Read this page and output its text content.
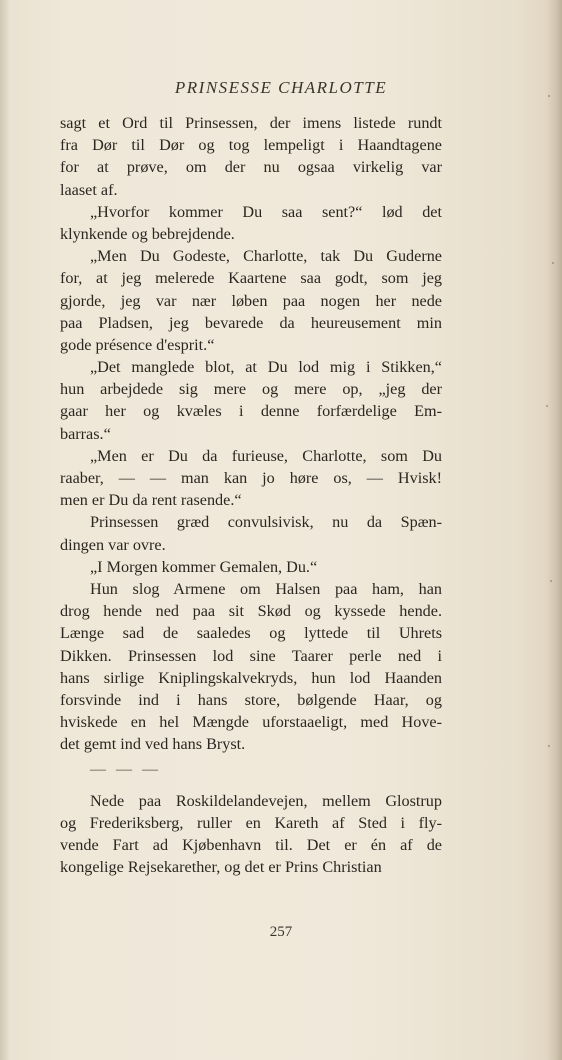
PRINSESSE CHARLOTTE

sagt et Ord til Prinsessen, der imens listede rundt
fra Dør til Dør og tog lempeligt i Haandtagene
for at prøve, om der nu ogsaa virkelig var
laaset af.

„Hvorfor kommer Du saa sent?“ lød det
klynkende og bebrejdende.

„Men Du Godeste, Charlotte, tak Du Guderne
for, at jeg melerede Kaartene saa godt, som jeg
gjorde, jeg var nær løben paa nogen her nede
paa Pladsen, jeg bevarede da heureusement min
gode présence d'esprit.“

„Det manglede blot, at Du lod mig i Stikken,“
hun arbejdede sig mere og mere op, „jeg der
gaar her og kvæles i denne forfærdelige Em-
barras.“

„Men er Du da furieuse, Charlotte, som Du
raaber, — — man kan jo høre os, — Hvisk!
men er Du da rent rasende.“

Prinsessen græd convulsivisk, nu da Spæn-
dingen var ovre.

„I Morgen kommer Gemalen, Du.“

Hun slog Armene om Halsen paa ham, han
drog hende ned paa sit Skød og kyssede hende.
Længe sad de saaledes og lyttede til Uhrets
Dikken. Prinsessen lod sine Taarer perle ned i
hans sirlige Kniplingskalvekryds, hun lod Haanden
forsvinde ind i hans store, bølgende Haar, og
hviskede en hel Mængde uforstaaeligt, med Hove-
det gemt ind ved hans Bryst.

— — —

Nede paa Roskildelandevejen, mellem Glostrup
og Frederiksberg, ruller en Kareth af Sted i fly-
vende Fart ad Kjøbenhavn til. Det er én af de
kongelige Rejsekarether, og det er Prins Christian

257
